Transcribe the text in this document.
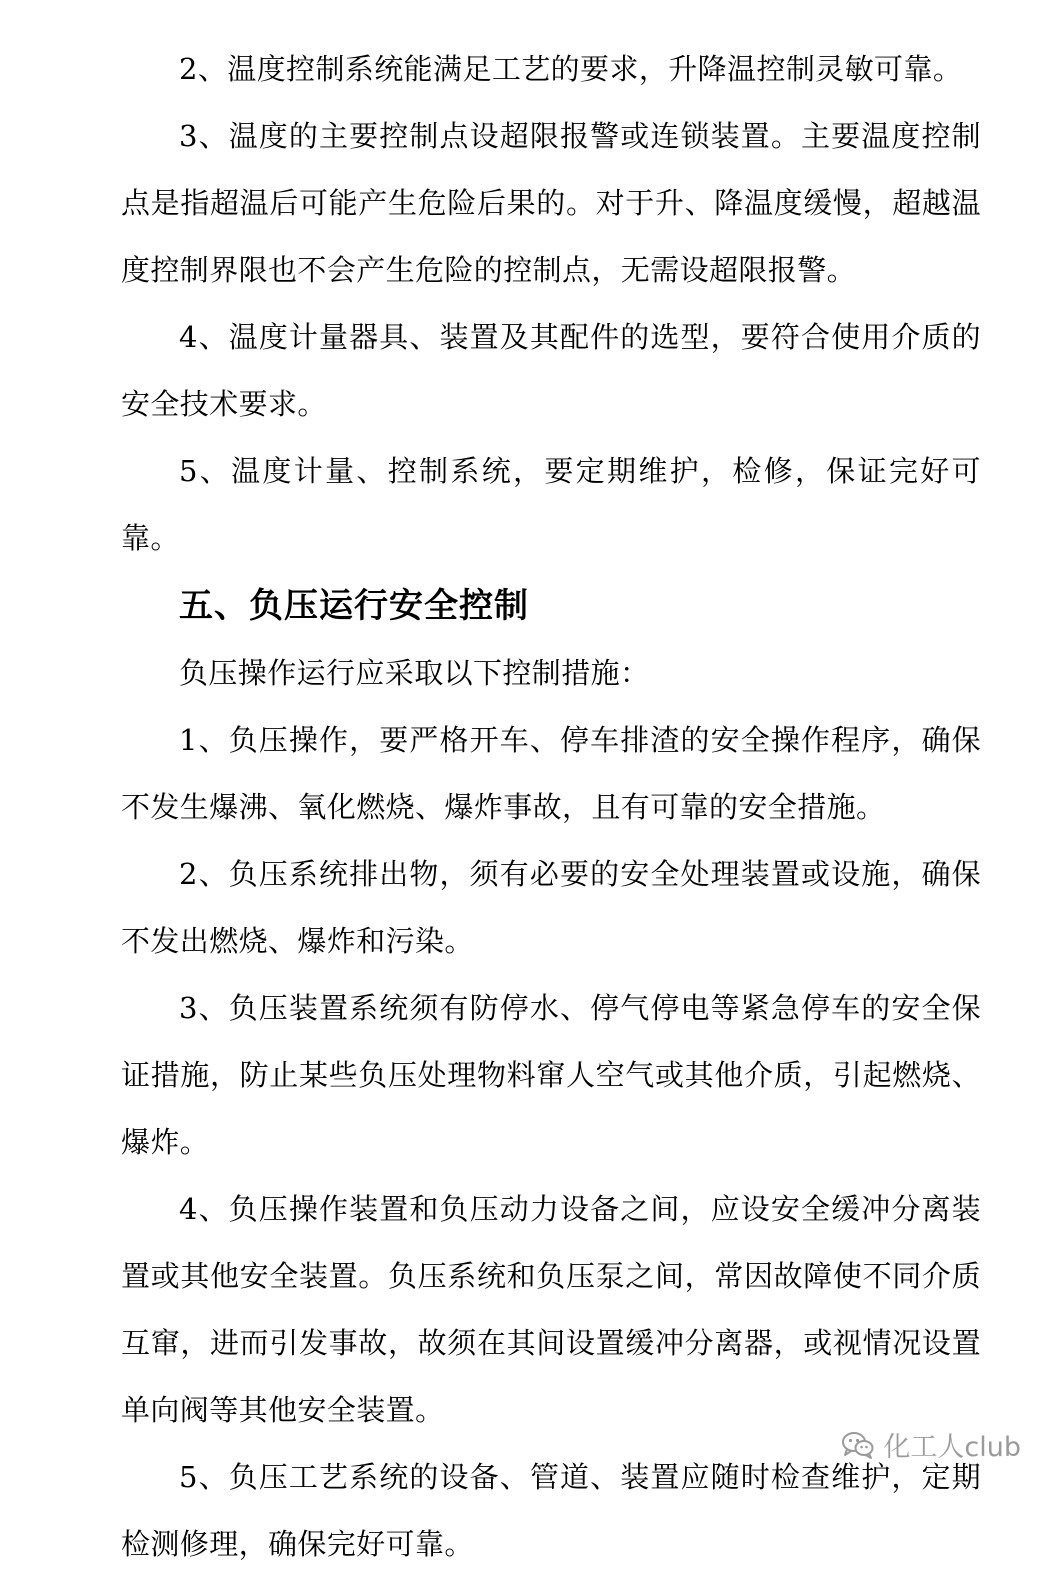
2、温度控制系统能满足工艺的要求，升降温控制灵敏可靠。

3、温度的主要控制点设超限报警或连锁装置。主要温度控制点是指超温后可能产生危险后果的。对于升、降温度缓慢，超越温度控制界限也不会产生危险的控制点，无需设超限报警。

4、温度计量器具、装置及其配件的选型，要符合使用介质的安全技术要求。

5、温度计量、控制系统，要定期维护，检修，保证完好可靠。

五、负压运行安全控制

负压操作运行应采取以下控制措施：

1、负压操作，要严格开车、停车排渣的安全操作程序，确保不发生爆沸、氧化燃烧、爆炸事故，且有可靠的安全措施。

2、负压系统排出物，须有必要的安全处理装置或设施，确保不发出燃烧、爆炸和污染。

3、负压装置系统须有防停水、停气停电等紧急停车的安全保证措施，防止某些负压处理物料窜人空气或其他介质，引起燃烧、爆炸。

4、负压操作装置和负压动力设备之间，应设安全缓冲分离装置或其他安全装置。负压系统和负压泵之间，常因故障使不同介质互窜，进而引发事故，故须在其间设置缓冲分离器，或视情况设置单向阀等其他安全装置。

5、负压工艺系统的设备、管道、装置应随时检查维护，定期检测修理，确保完好可靠。

化工人club
